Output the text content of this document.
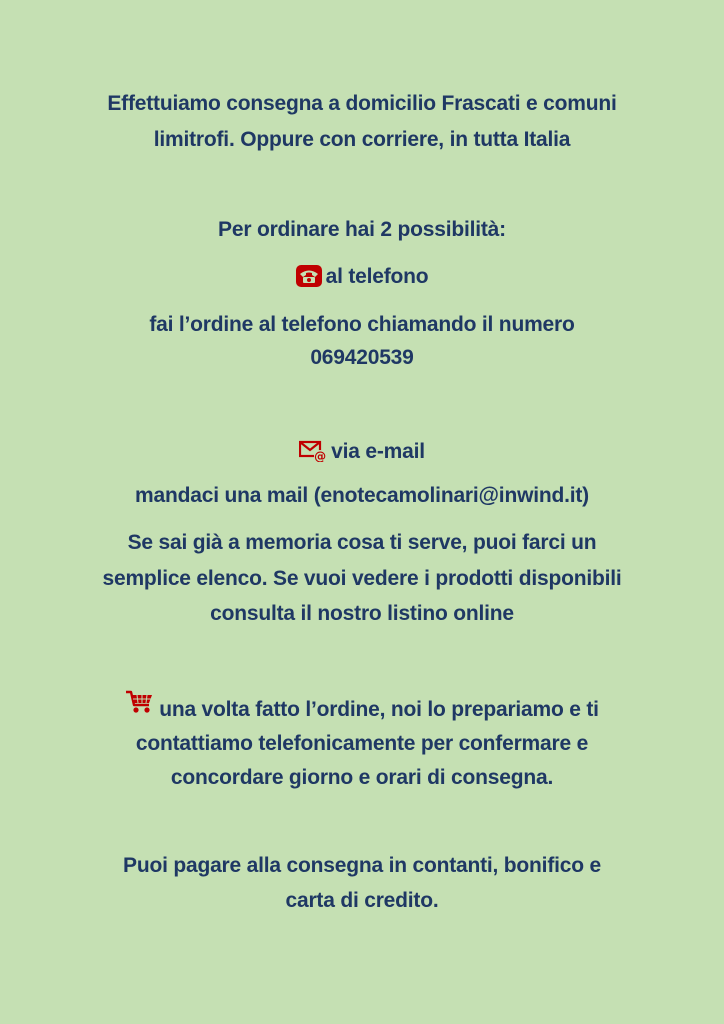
Effettuiamo consegna a domicilio Frascati e comuni
limitrofi. Oppure con corriere, in tutta Italia
Per ordinare hai 2 possibilità:
al telefono
fai l’ordine al telefono chiamando il numero
069420539
@ via e-mail
mandaci una mail (enotecamolinari@inwind.it)
Se sai già a memoria cosa ti serve, puoi farci un
semplice elenco. Se vuoi vedere i prodotti disponibili
consulta il nostro listino online
una volta fatto l’ordine, noi lo prepariamo e ti
contattiamo telefonicamente per confermare e
concordare giorno e orari di consegna.
Puoi pagare alla consegna in contanti, bonifico e
carta di credito.
